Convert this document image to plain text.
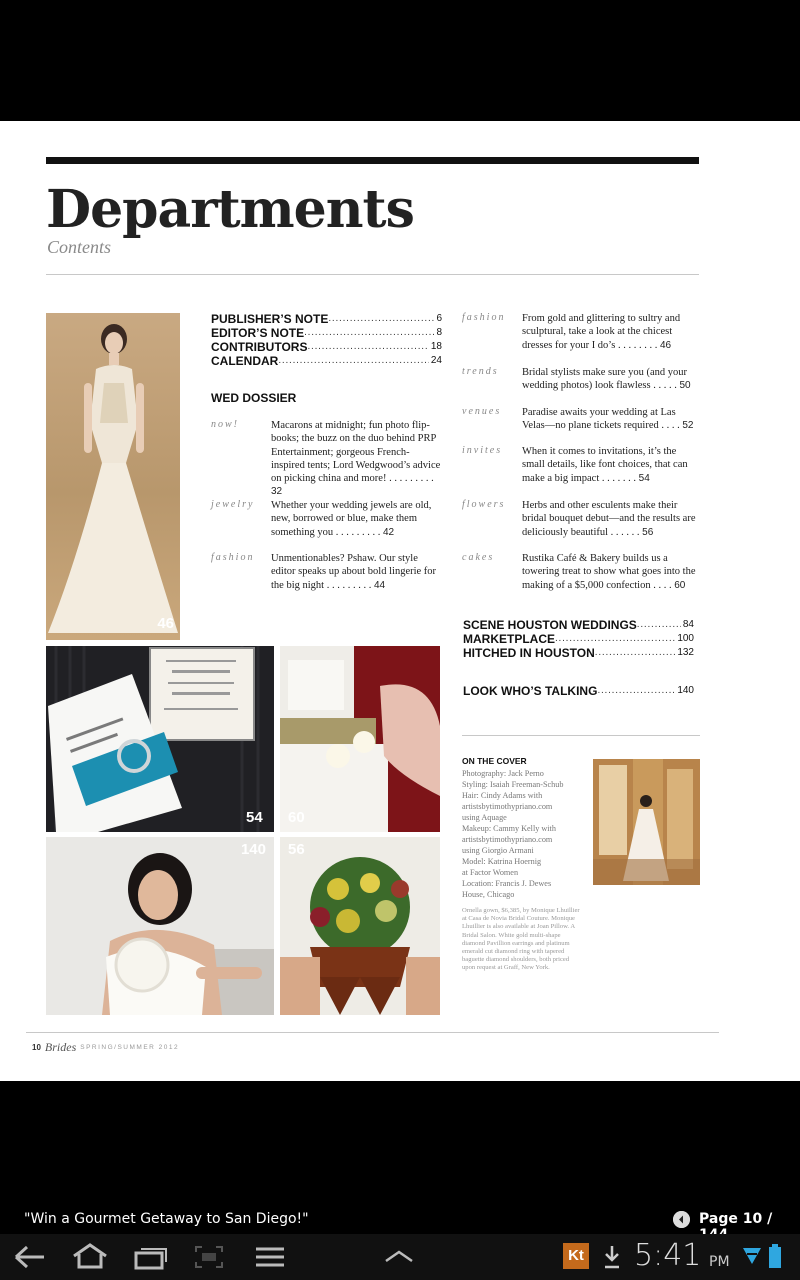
Departments
Contents
46
54 60
140 56
PUBLISHER’S NOTE . . .	6
EDITOR’S NOTE . . .	8
CONTRIBUTORS . . .	18
CALENDAR . . .	24
WED DOSSIER
now!	Macarons at midnight; fun photo flip-books; the buzz on the duo behind PRP Entertainment; gorgeous French-inspired tents; Lord Wedgwood’s advice on picking china and more! . . . . . . . . . 32
jewelry Whether your wedding jewels are old, new, borrowed or blue, make them something you . . . . . . . . . 42
fashion Unmentionables? Pshaw. Our style editor speaks up about bold lingerie for the big night . . . . . . . . . 44
fashion From gold and glittering to sultry and sculptural, take a look at the chicest dresses for your I do’s . . . . . . . . 46
trends Bridal stylists make sure you (and your wedding photos) look flawless . . . . . 50
venues Paradise awaits your wedding at Las Velas—no plane tickets required . . . . 52
invites When it comes to invitations, it’s the small details, like font choices, that can make a big impact . . . . . . . 54
flowers Herbs and other esculents make their bridal bouquet debut—and the results are deliciously beautiful . . . . . . 56
cakes	Rustika Café & Bakery builds us a towering treat to show what goes into the making of a $5,000 confection . . . . 60
SCENE HOUSTON WEDDINGS . . .	84
MARKETPLACE . . .	100
HITCHED IN HOUSTON . . .	132
LOOK WHO’S TALKING . . .	140
ON THE COVER
Photography: Jack Perno
Styling: Isaiah Freeman-Schub
Hair: Cindy Adams with
artistsbytimothypriano.com
using Aquage
Makeup: Cammy Kelly with
artistsbytimothypriano.com
using Giorgio Armani
Model: Katrina Hoernig
at Factor Women
Location: Francis J. Dewes
House, Chicago
Ornella gown, $6,385, by Monique Lhuillier at Casa de Novia Bridal Couture. Monique Lhuillier is also available at Joan Pillow. A Bridal Salon. White gold multi-shape diamond Pavillion earrings and platinum emerald cut diamond ring with tapered baguette diamond shoulders, both priced upon request at Graff, New York.
10 Brides SPRING/SUMMER 2012
"Win a Gourmet Getaway to San Diego!"	Page 10 /
Kt 5:41 PM
